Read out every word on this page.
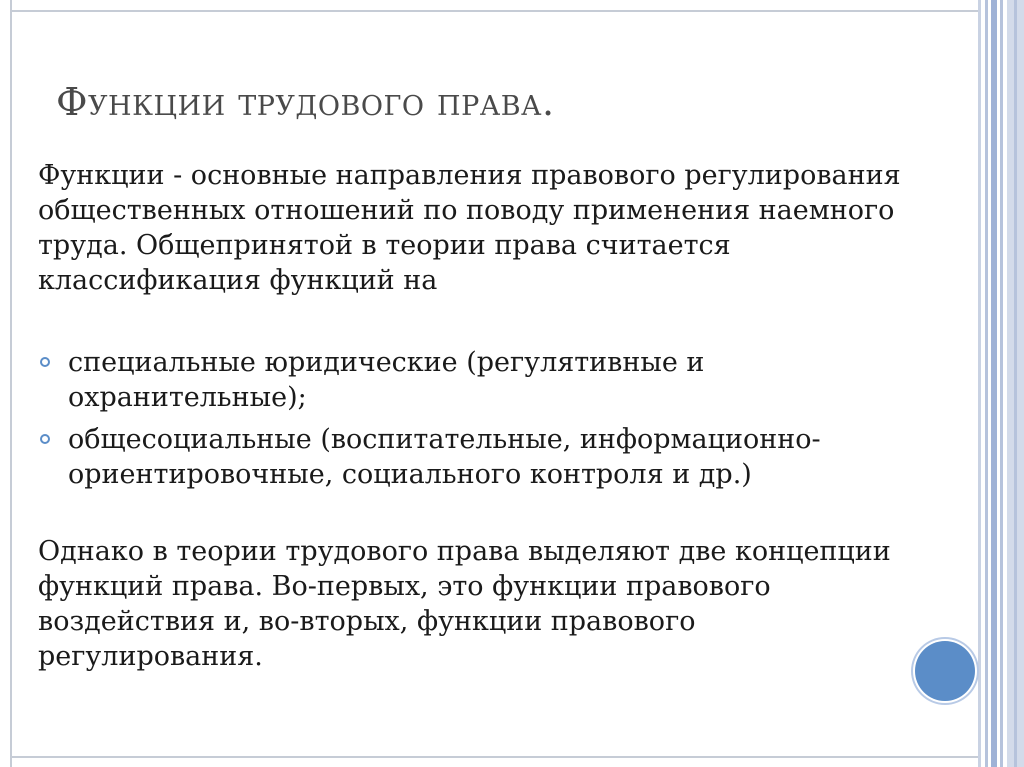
Функции трудового права.

Функции - основные направления правового регулирования общественных отношений по поводу применения наемного труда. Общепринятой в теории права считается классификация функций на

специальные юридические (регулятивные и охранительные);
общесоциальные (воспитательные, информационно-ориентировочные, социального контроля и др.)

Однако в теории трудового права выделяют две концепции функций права. Во-первых, это функции правового воздействия и, во-вторых, функции правового регулирования.
